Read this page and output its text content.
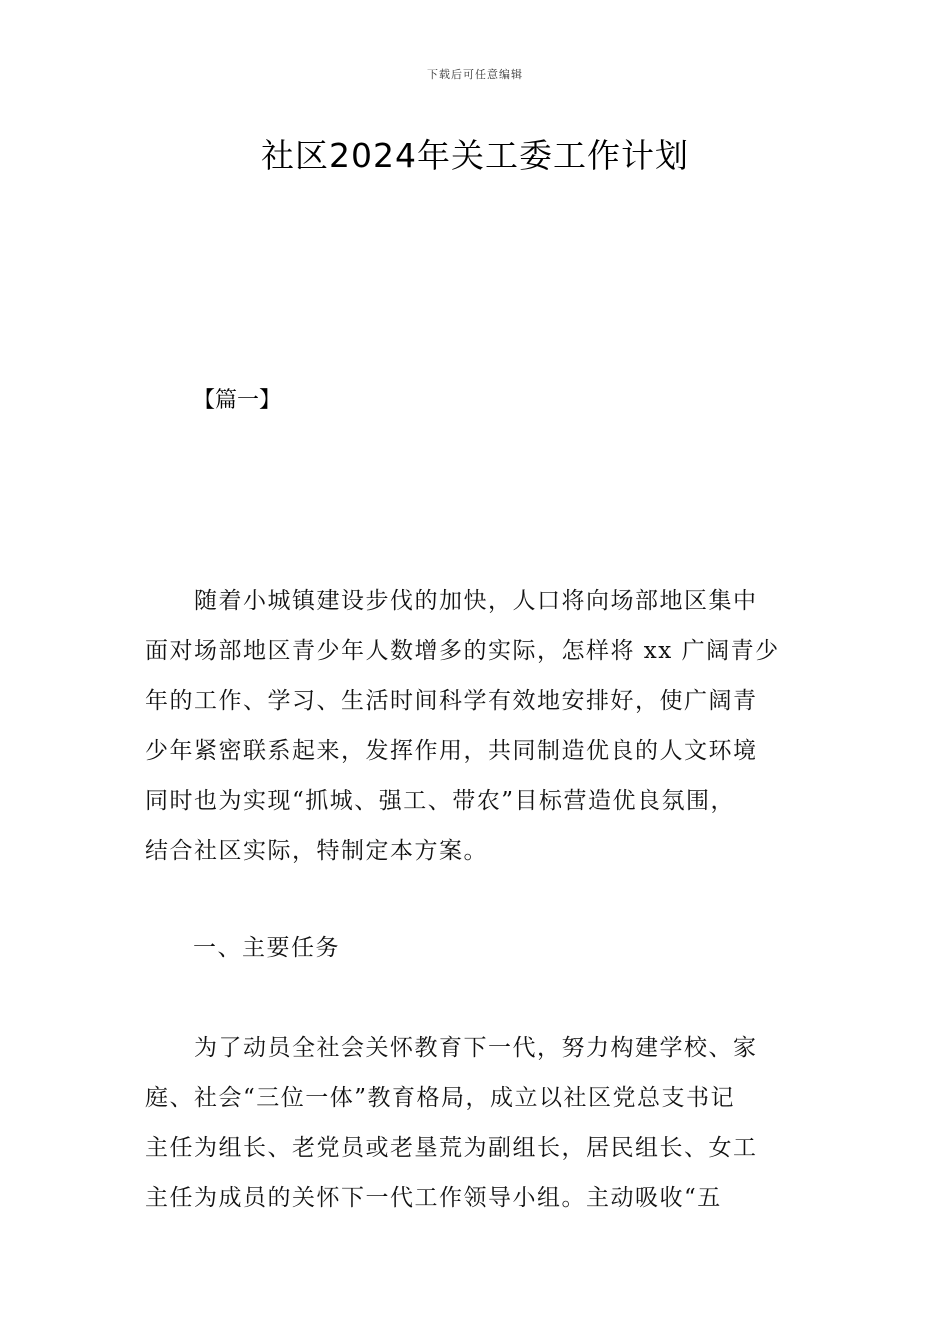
下载后可任意编辑
社区2024年关工委工作计划
【篇一】
　　随着小城镇建设步伐的加快，人口将向场部地区集中
面对场部地区青少年人数增多的实际，怎样将 xx 广阔青少
年的工作、学习、生活时间科学有效地安排好，使广阔青
少年紧密联系起来，发挥作用，共同制造优良的人文环境
同时也为实现“抓城、强工、带农”目标营造优良氛围，
结合社区实际，特制定本方案。
一、主要任务
　　为了动员全社会关怀教育下一代，努力构建学校、家
庭、社会“三位一体”教育格局，成立以社区党总支书记
主任为组长、老党员或老垦荒为副组长，居民组长、女工
主任为成员的关怀下一代工作领导小组。主动吸收“五
